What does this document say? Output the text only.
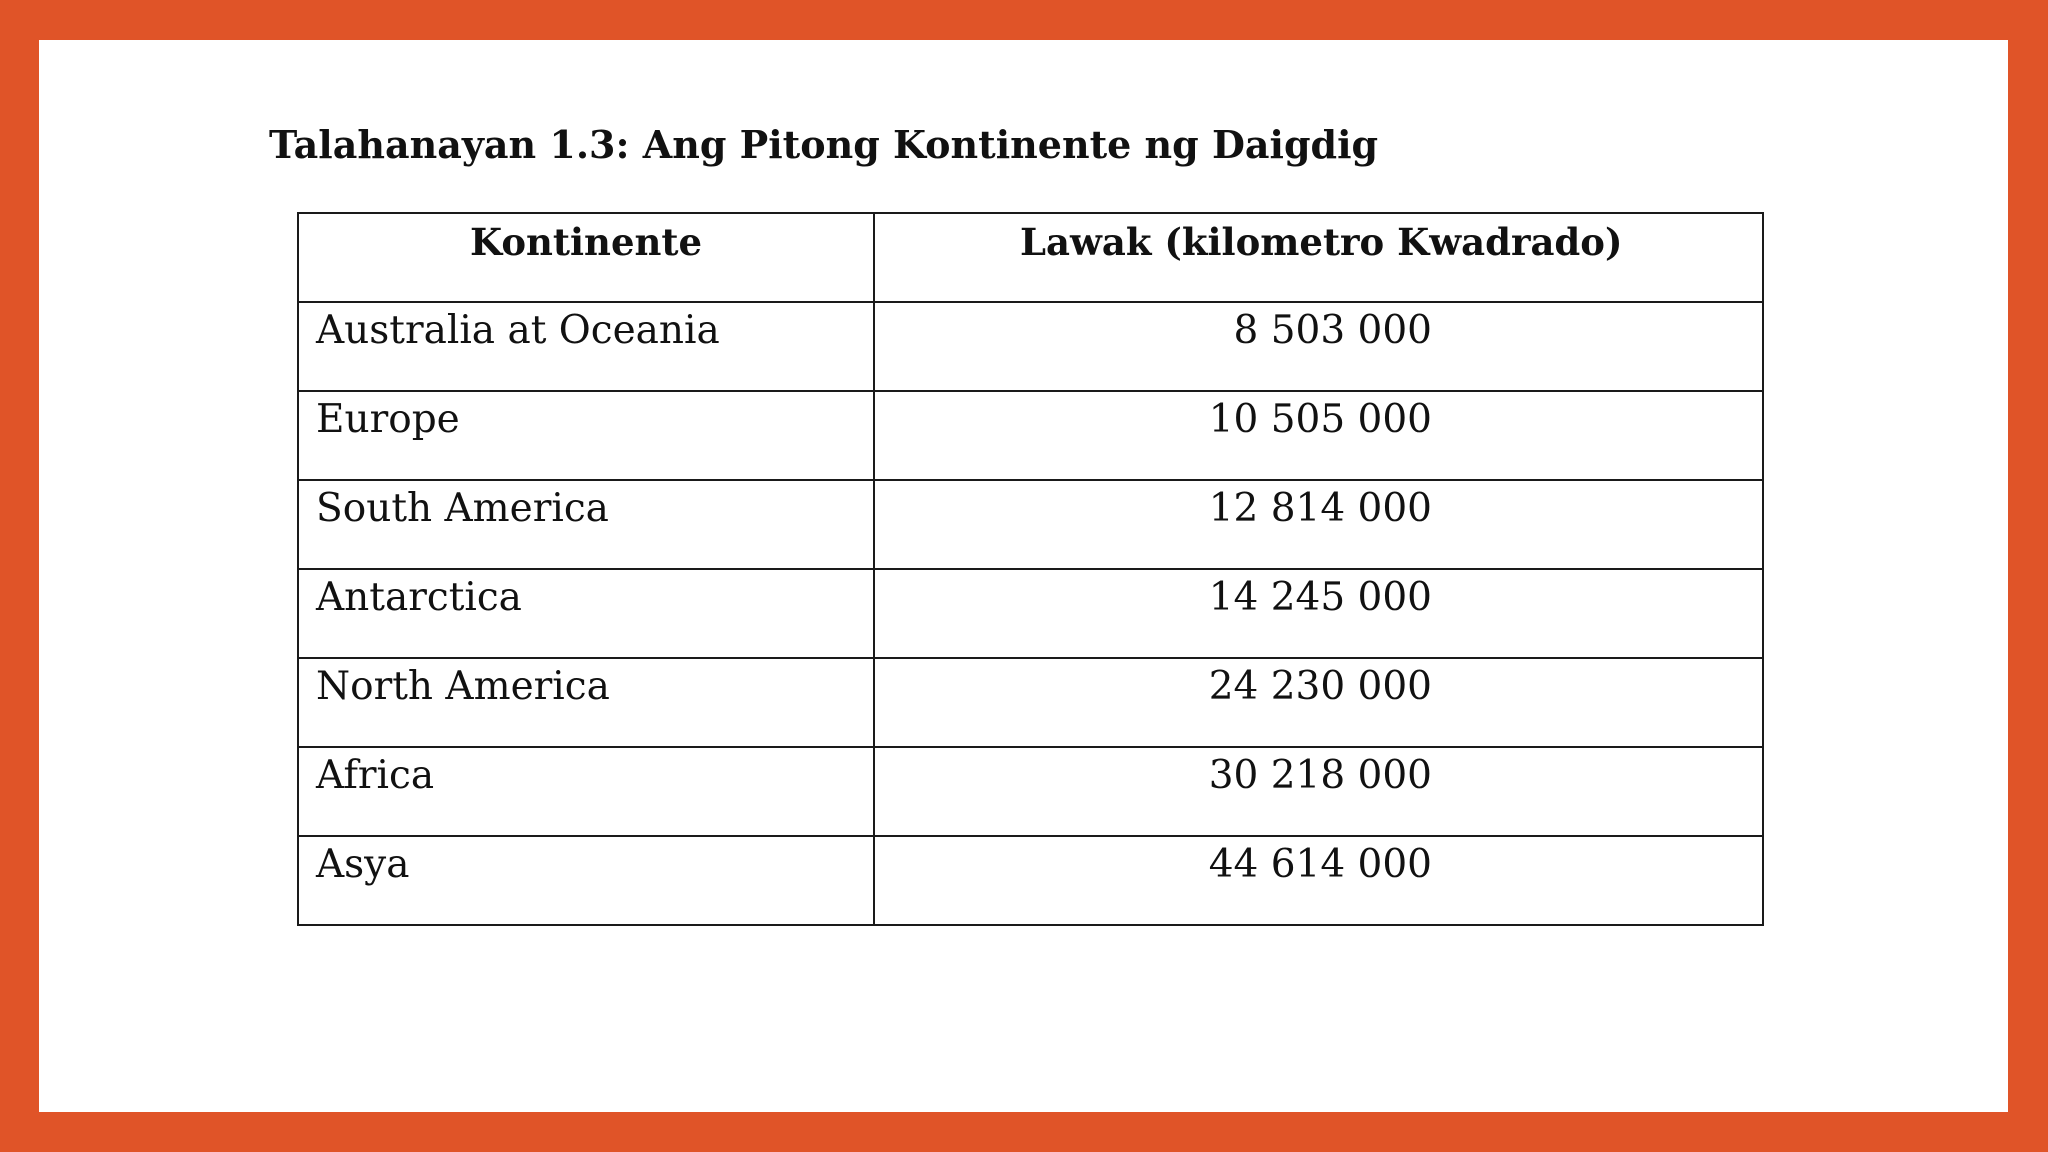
Talahanayan 1.3: Ang Pitong Kontinente ng Daigdig
Kontinente	Lawak (kilometro Kwadrado)
Australia at Oceania	8 503 000
Europe	10 505 000
South America	12 814 000
Antarctica	14 245 000
North America	24 230 000
Africa	30 218 000
Asya	44 614 000
